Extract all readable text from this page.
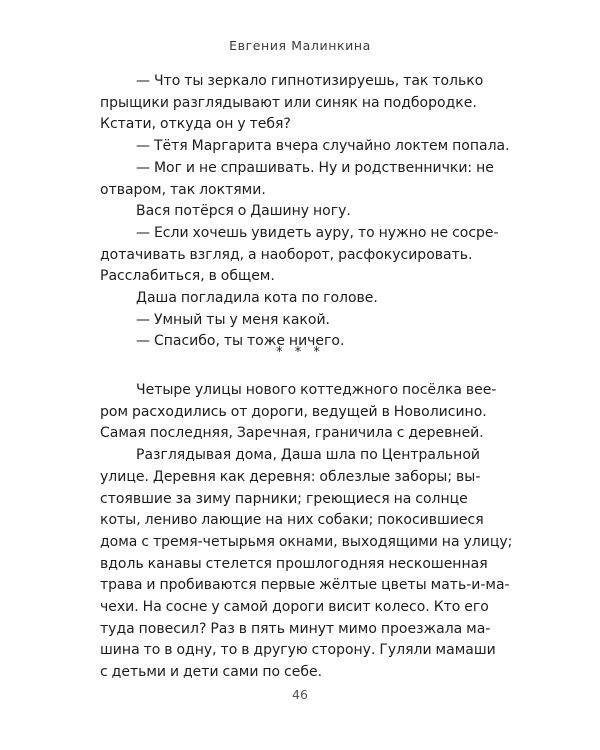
Евгения Малинкина

— Что ты зеркало гипнотизируешь, так только
прыщики разглядывают или синяк на подбородке.
Кстати, откуда он у тебя?

— Тётя Маргарита вчера случайно локтем попала.

— Мог и не спрашивать. Ну и родственнички: не
отваром, так локтями.

Вася потёрся о Дашину ногу.

— Если хочешь увидеть ауру, то нужно не сосре-
дотачивать взгляд, а наоборот, расфокусировать.
Расслабиться, в общем.

Даша погладила кота по голове.

— Умный ты у меня какой.

— Спасибо, ты тоже ничего.

* * *

Четыре улицы нового коттеджного посёлка вее-
ром расходились от дороги, ведущей в Новолисино.
Самая последняя, Заречная, граничила с деревней.

Разглядывая дома, Даша шла по Центральной
улице. Деревня как деревня: облезлые заборы; вы-
стоявшие за зиму парники; греющиеся на солнце
коты, лениво лающие на них собаки; покосившиеся
дома с тремя-четырьмя окнами, выходящими на улицу;
вдоль канавы стелется прошлогодняя нескошенная
трава и пробиваются первые жёлтые цветы мать-и-ма-
чехи. На сосне у самой дороги висит колесо. Кто его
туда повесил? Раз в пять минут мимо проезжала ма-
шина то в одну, то в другую сторону. Гуляли мамаши
с детьми и дети сами по себе.

46
